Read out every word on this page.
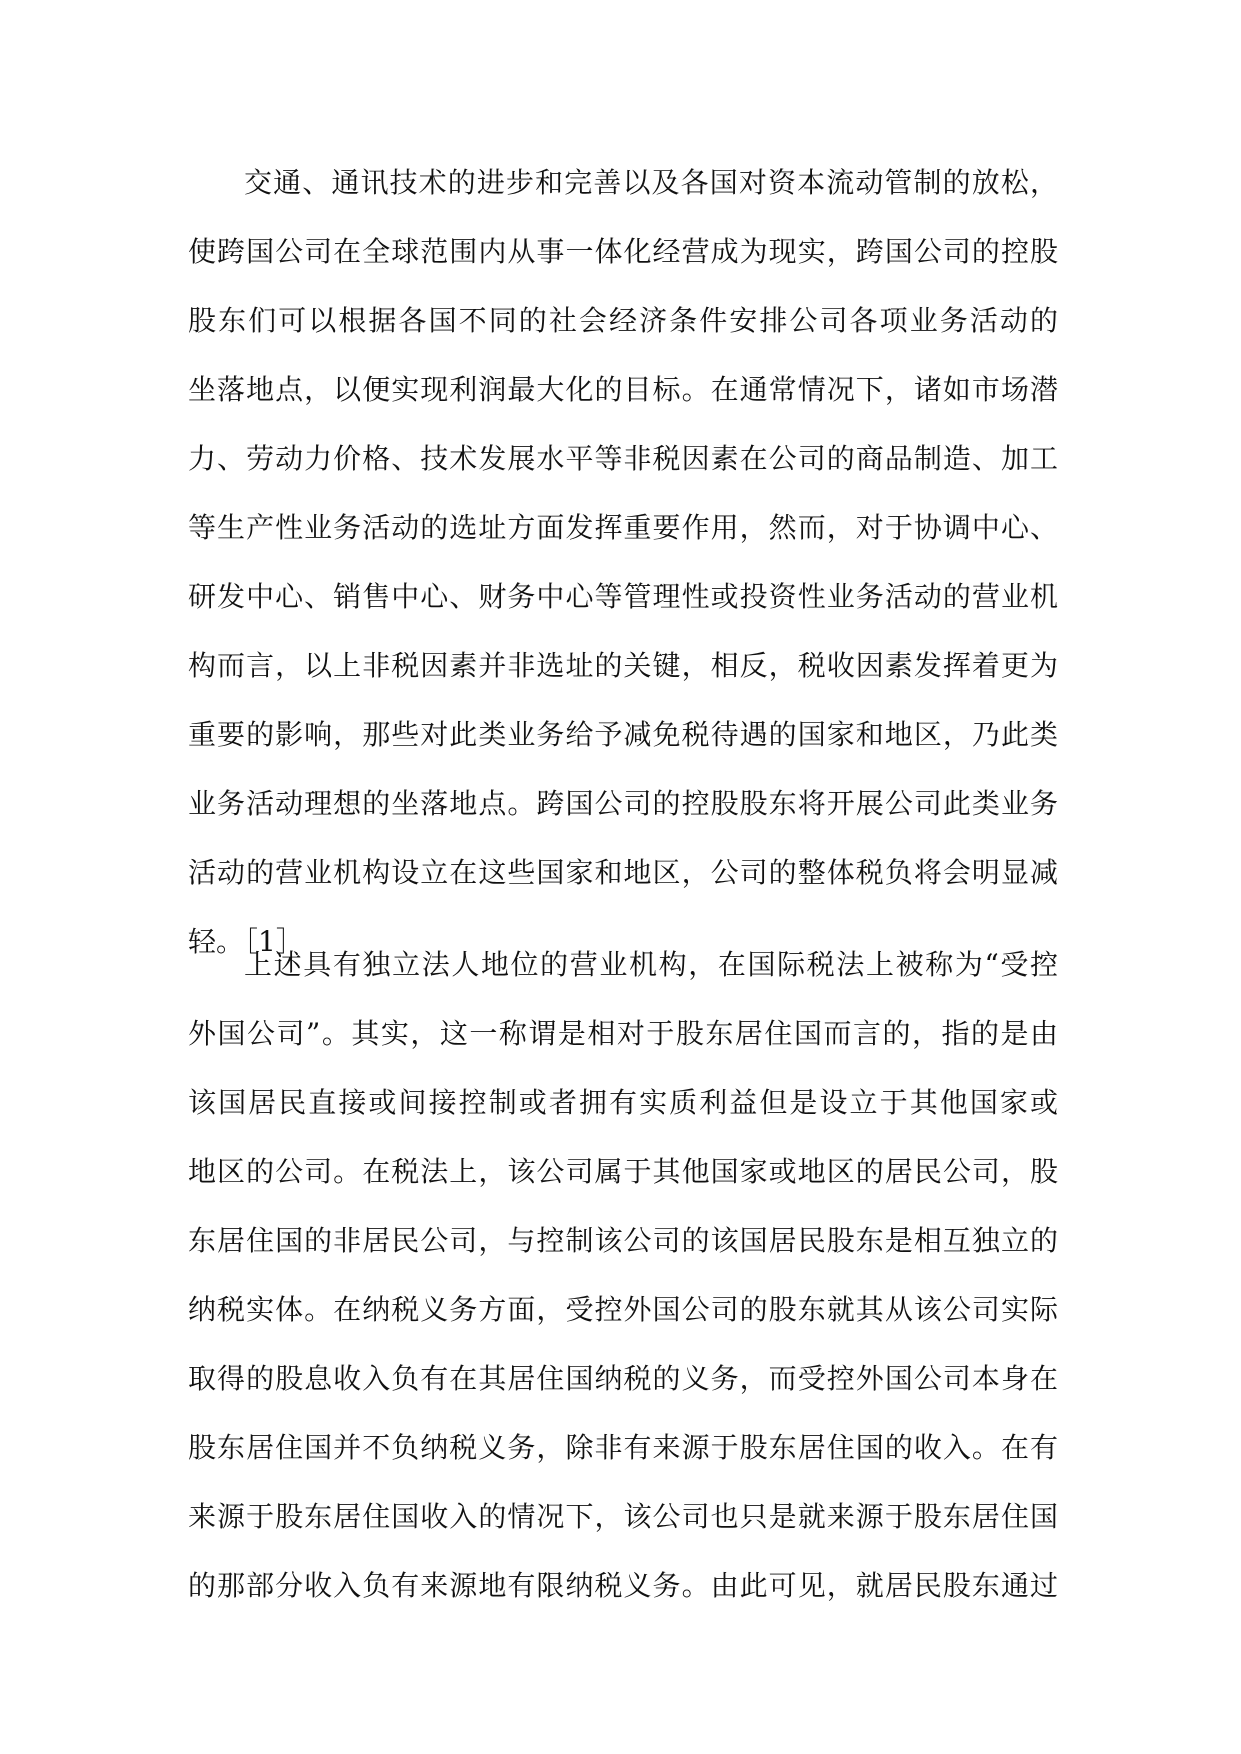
交通、通讯技术的进步和完善以及各国对资本流动管制的放松，
使跨国公司在全球范围内从事一体化经营成为现实，跨国公司的控股
股东们可以根据各国不同的社会经济条件安排公司各项业务活动的
坐落地点，以便实现利润最大化的目标。在通常情况下，诸如市场潜
力、劳动力价格、技术发展水平等非税因素在公司的商品制造、加工
等生产性业务活动的选址方面发挥重要作用，然而，对于协调中心、
研发中心、销售中心、财务中心等管理性或投资性业务活动的营业机
构而言，以上非税因素并非选址的关键，相反，税收因素发挥着更为
重要的影响，那些对此类业务给予减免税待遇的国家和地区，乃此类
业务活动理想的坐落地点。跨国公司的控股股东将开展公司此类业务
活动的营业机构设立在这些国家和地区，公司的整体税负将会明显减
轻。［1］
上述具有独立法人地位的营业机构，在国际税法上被称为“受控
外国公司”。其实，这一称谓是相对于股东居住国而言的，指的是由
该国居民直接或间接控制或者拥有实质利益但是设立于其他国家或
地区的公司。在税法上，该公司属于其他国家或地区的居民公司，股
东居住国的非居民公司，与控制该公司的该国居民股东是相互独立的
纳税实体。在纳税义务方面，受控外国公司的股东就其从该公司实际
取得的股息收入负有在其居住国纳税的义务，而受控外国公司本身在
股东居住国并不负纳税义务，除非有来源于股东居住国的收入。在有
来源于股东居住国收入的情况下，该公司也只是就来源于股东居住国
的那部分收入负有来源地有限纳税义务。由此可见，就居民股东通过
